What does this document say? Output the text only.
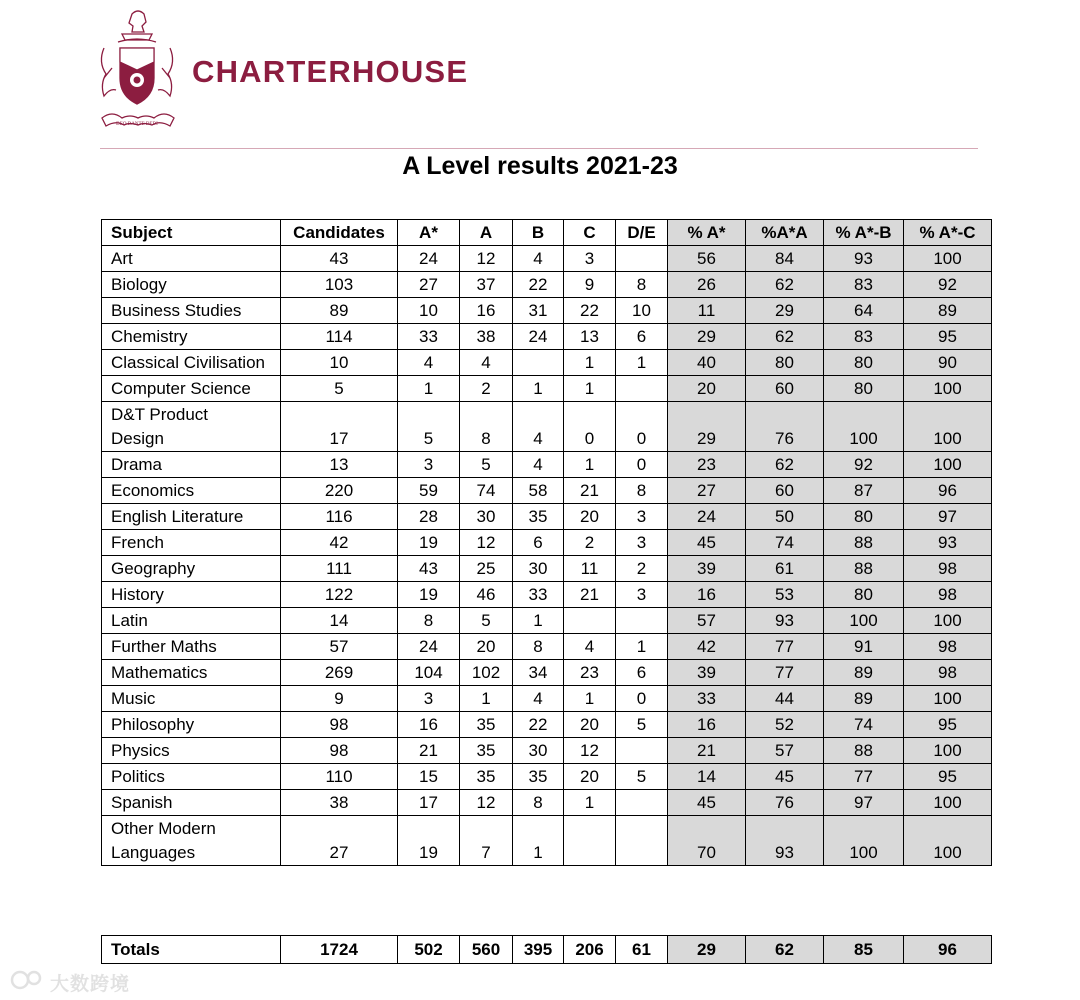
DEO DANTE DEDI
CHARTERHOUSE
A Level results 2021-23
Subject	Candidates	A*	A	B	C	D/E	% A*	%A*A	% A*-B	% A*-C
Art	43	24	12	4	3		56	84	93	100
Biology	103	27	37	22	9	8	26	62	83	92
Business Studies	89	10	16	31	22	10	11	29	64	89
Chemistry	114	33	38	24	13	6	29	62	83	95
Classical Civilisation	10	4	4		1	1	40	80	80	90
Computer Science	5	1	2	1	1		20	60	80	100
D&T Product
Design	17	5	8	4	0	0	29	76	100	100
Drama	13	3	5	4	1	0	23	62	92	100
Economics	220	59	74	58	21	8	27	60	87	96
English Literature	116	28	30	35	20	3	24	50	80	97
French	42	19	12	6	2	3	45	74	88	93
Geography	111	43	25	30	11	2	39	61	88	98
History	122	19	46	33	21	3	16	53	80	98
Latin	14	8	5	1			57	93	100	100
Further Maths	57	24	20	8	4	1	42	77	91	98
Mathematics	269	104	102	34	23	6	39	77	89	98
Music	9	3	1	4	1	0	33	44	89	100
Philosophy	98	16	35	22	20	5	16	52	74	95
Physics	98	21	35	30	12		21	57	88	100
Politics	110	15	35	35	20	5	14	45	77	95
Spanish	38	17	12	8	1		45	76	97	100
Other Modern
Languages	27	19	7	1			70	93	100	100
Totals	1724	502	560	395	206	61	29	62	85	96
大数跨境
